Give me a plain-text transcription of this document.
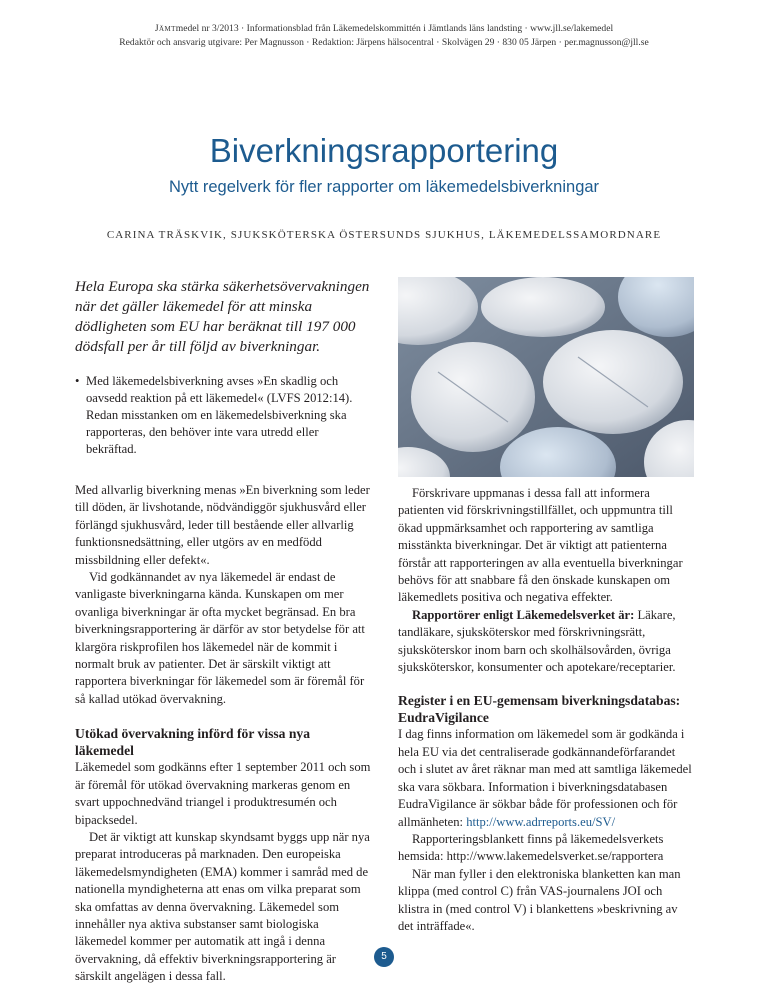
Jämtmedel nr 3/2013 · Informationsblad från Läkemedelskommittén i Jämtlands läns landsting · www.jll.se/lakemedel
Redaktör och ansvarig utgivare: Per Magnusson · Redaktion: Järpens hälsocentral · Skolvägen 29 · 830 05 Järpen · per.magnusson@jll.se
Biverkningsrapportering
Nytt regelverk för fler rapporter om läkemedelsbiverkningar
CARINA TRÄSKVIK, SJUKSKÖTERSKA ÖSTERSUNDS SJUKHUS, LÄKEMEDELSSAMORDNARE

Hela Europa ska stärka säkerhetsövervakningen när det gäller läkemedel för att minska dödligheten som EU har beräknat till 197 000 dödsfall per år till följd av biverkningar.

• Med läkemedelsbiverkning avses »En skadlig och oavsedd reaktion på ett läkemedel« (LVFS 2012:14). Redan misstanken om en läkemedelsbiverkning ska rapporteras, den behöver inte vara utredd eller bekräftad.

Med allvarlig biverkning menas »En biverkning som leder till döden, är livshotande, nödvändiggör sjukhusvård eller förlängd sjukhusvård, leder till bestående eller allvarlig funktionsnedsättning, eller utgörs av en medfödd missbildning eller defekt«.

Vid godkännandet av nya läkemedel är endast de vanligaste biverkningarna kända. Kunskapen om mer ovanliga biverkningar är ofta mycket begränsad. En bra biverkningsrapportering är därför av stor betydelse för att klargöra riskprofilen hos läkemedel när de kommit i normalt bruk av patienter. Det är särskilt viktigt att rapportera biverkningar för läkemedel som är föremål för så kallad utökad övervakning.

Utökad övervakning införd för vissa nya läkemedel

Läkemedel som godkänns efter 1 september 2011 och som är föremål för utökad övervakning markeras genom en svart uppochnedvänd triangel i produktresumén och bipacksedel.

Det är viktigt att kunskap skyndsamt byggs upp när nya preparat introduceras på marknaden. Den europeiska läkemedelsmyndigheten (EMA) kommer i samråd med de nationella myndigheterna att enas om vilka preparat som ska omfattas av denna övervakning. Läkemedel som innehåller nya aktiva substanser samt biologiska läkemedel kommer per automatik att ingå i denna övervakning, då effektiv biverkningsrapportering är särskilt angelägen i dessa fall.

Förskrivare uppmanas i dessa fall att informera patienten vid förskrivningstillfället, och uppmuntra till ökad uppmärksamhet och rapportering av samtliga misstänkta biverkningar. Det är viktigt att patienterna förstår att rapporteringen av alla eventuella biverkningar behövs för att snabbare få den önskade kunskapen om läkemedlets positiva och negativa effekter.

Rapportörer enligt Läkemedelsverket är: Läkare, tandläkare, sjuksköterskor med förskrivningsrätt, sjuksköterskor inom barn och skolhälsovården, övriga sjuksköterskor, konsumenter och apotekare/receptarier.

Register i en EU-gemensam biverkningsdatabas: EudraVigilance

I dag finns information om läkemedel som är godkända i hela EU via det centraliserade godkännandeförfarandet och i slutet av året räknar man med att samtliga läkemedel ska vara sökbara. Information i biverkningsdatabasen EudraVigilance är sökbar både för professionen och för allmänheten: http://www.adrreports.eu/SV/

Rapporteringsblankett finns på läkemedelsverkets hemsida: http://www.lakemedelsverket.se/rapportera

När man fyller i den elektroniska blanketten kan man klippa (med control C) från VAS-journalens JOI och klistra in (med control V) i blankettens »beskrivning av det inträffade«.

5
